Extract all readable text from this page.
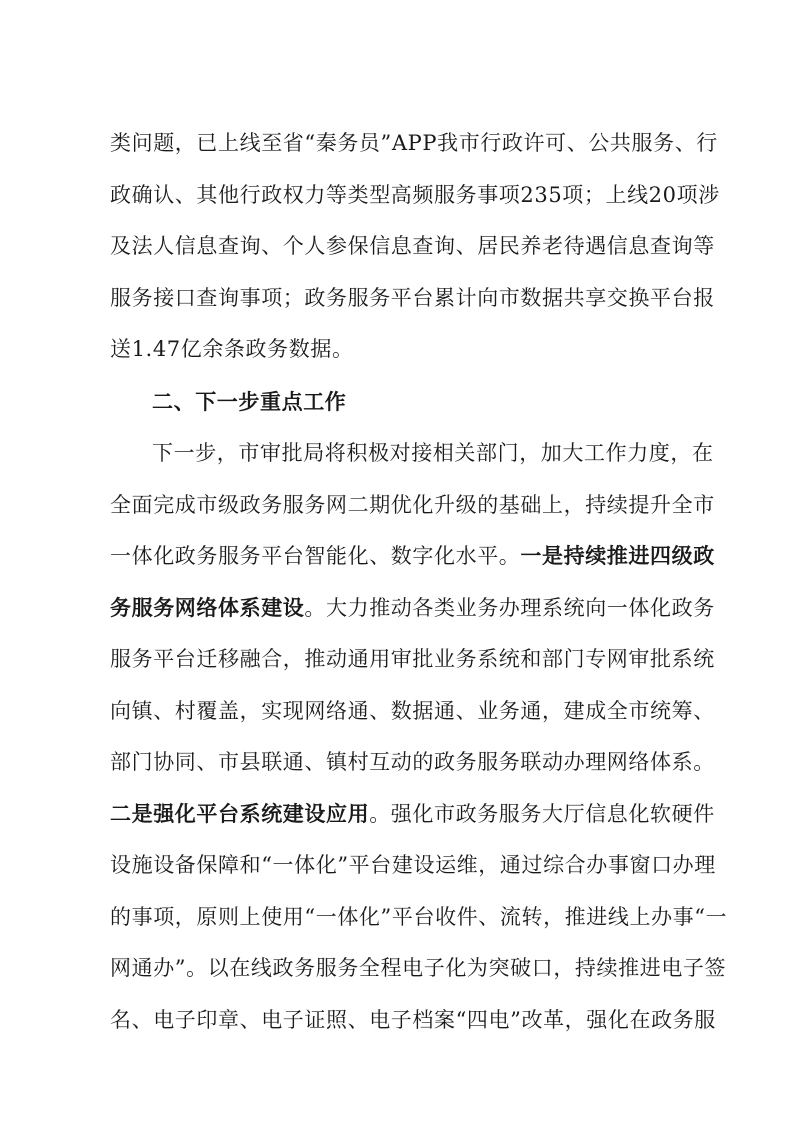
类问题，已上线至省“秦务员”APP我市行政许可、公共服务、行
政确认、其他行政权力等类型高频服务事项235项；上线20项涉
及法人信息查询、个人参保信息查询、居民养老待遇信息查询等
服务接口查询事项；政务服务平台累计向市数据共享交换平台报
送1.47亿余条政务数据。
二、下一步重点工作
下一步，市审批局将积极对接相关部门，加大工作力度，在
全面完成市级政务服务网二期优化升级的基础上，持续提升全市
一体化政务服务平台智能化、数字化水平。一是持续推进四级政
务服务网络体系建设。大力推动各类业务办理系统向一体化政务
服务平台迁移融合，推动通用审批业务系统和部门专网审批系统
向镇、村覆盖，实现网络通、数据通、业务通，建成全市统筹、
部门协同、市县联通、镇村互动的政务服务联动办理网络体系。
二是强化平台系统建设应用。强化市政务服务大厅信息化软硬件
设施设备保障和“一体化”平台建设运维，通过综合办事窗口办理
的事项，原则上使用“一体化”平台收件、流转，推进线上办事“一
网通办”。以在线政务服务全程电子化为突破口，持续推进电子签
名、电子印章、电子证照、电子档案“四电”改革，强化在政务服
